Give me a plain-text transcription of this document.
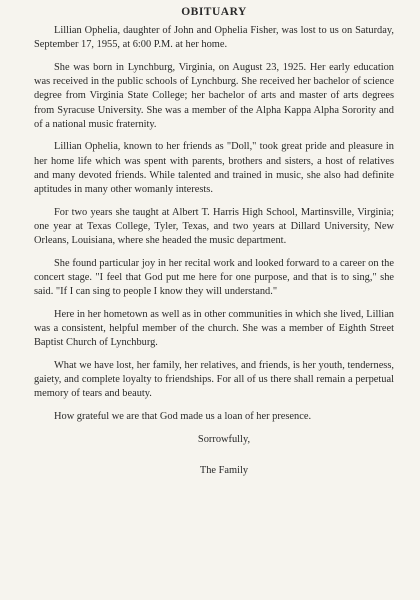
OBITUARY

Lillian Ophelia, daughter of John and Ophelia Fisher, was lost to us on Saturday, September 17, 1955, at 6:00 P.M. at her home.

She was born in Lynchburg, Virginia, on August 23, 1925. Her early education was received in the public schools of Lynchburg. She received her bachelor of science degree from Virginia State College; her bachelor of arts and master of arts degrees from Syracuse University. She was a member of the Alpha Kappa Alpha Sorority and of a national music fraternity.

Lillian Ophelia, known to her friends as "Doll," took great pride and pleasure in her home life which was spent with parents, brothers and sisters, a host of relatives and many devoted friends. While talented and trained in music, she also had definite aptitudes in many other womanly interests.

For two years she taught at Albert T. Harris High School, Martinsville, Virginia; one year at Texas College, Tyler, Texas, and two years at Dillard University, New Orleans, Louisiana, where she headed the music department.

She found particular joy in her recital work and looked forward to a career on the concert stage. "I feel that God put me here for one purpose, and that is to sing," she said. "If I can sing to people I know they will understand."

Here in her hometown as well as in other communities in which she lived, Lillian was a consistent, helpful member of the church. She was a member of Eighth Street Baptist Church of Lynchburg.

What we have lost, her family, her relatives, and friends, is her youth, tenderness, gaiety, and complete loyalty to friendships. For all of us there shall remain a perpetual memory of tears and beauty.

How grateful we are that God made us a loan of her presence.

Sorrowfully,
The Family
